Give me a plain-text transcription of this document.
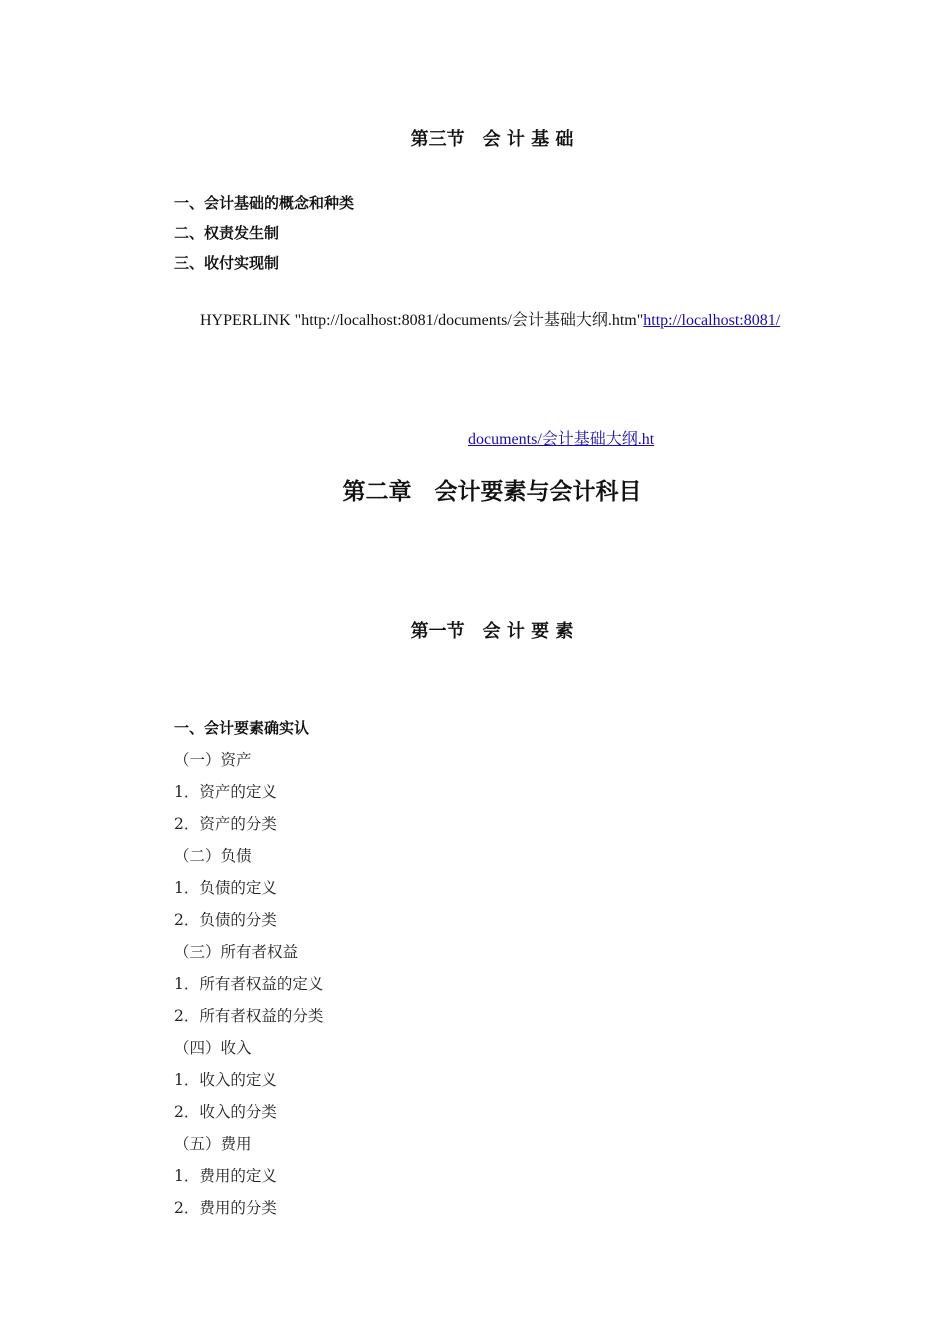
第三节　会 计 基 础
一、会计基础的概念和种类
二、权责发生制
三、收付实现制
HYPERLINK "http://localhost:8081/documents/会计基础大纲.htm"http://localhost:8081/
documents/会计基础大纲.ht
第二章　会计要素与会计科目
第一节　会 计 要 素
一、会计要素确实认
（一）资产
1．资产的定义
2．资产的分类
（二）负债
1．负债的定义
2．负债的分类
（三）所有者权益
1．所有者权益的定义
2．所有者权益的分类
（四）收入
1．收入的定义
2．收入的分类
（五）费用
1．费用的定义
2．费用的分类
